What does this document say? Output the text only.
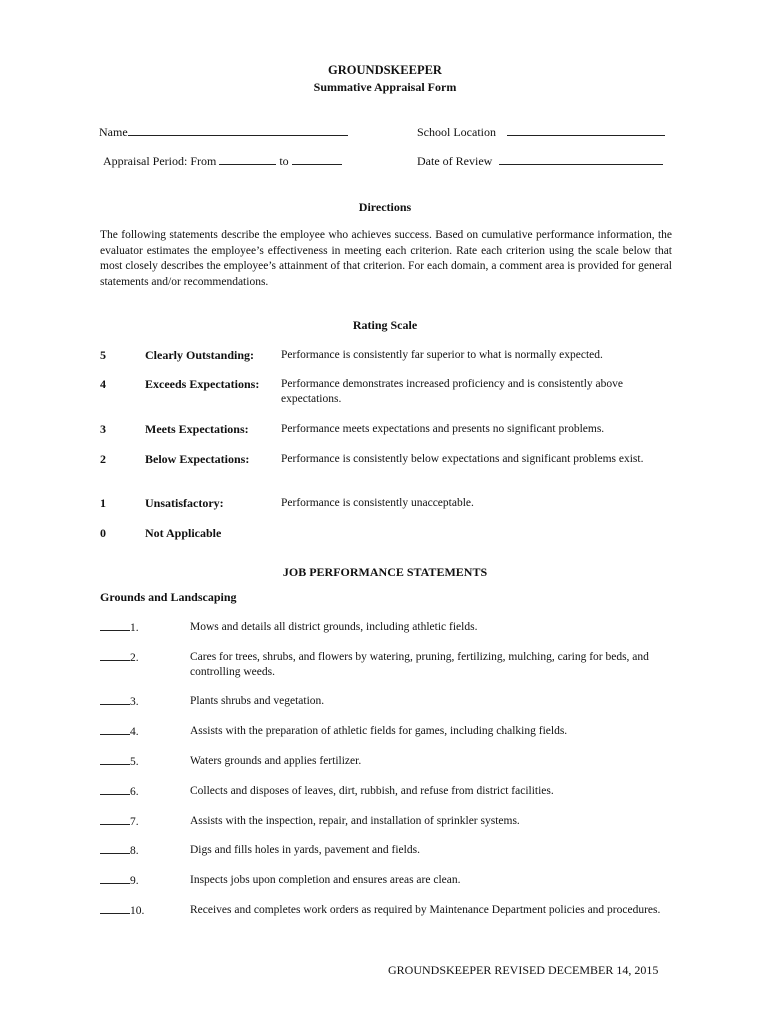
GROUNDSKEEPER
Summative Appraisal Form
Name	School Location
Appraisal Period: From	to	Date of Review
Directions
The following statements describe the employee who achieves success. Based on cumulative performance information, the evaluator estimates the employee’s effectiveness in meeting each criterion. Rate each criterion using the scale below that most closely describes the employee’s attainment of that criterion. For each domain, a comment area is provided for general statements and/or recommendations.
Rating Scale
5	Clearly Outstanding: Performance is consistently far superior to what is normally expected.
4	Exceeds Expectations: Performance demonstrates increased proficiency and is consistently above expectations.
3	Meets Expectations:	Performance meets expectations and presents no significant problems.
2	Below Expectations:	Performance is consistently below expectations and significant problems exist.
1	Unsatisfactory:	Performance is consistently unacceptable.
0	Not Applicable
JOB PERFORMANCE STATEMENTS
Grounds and Landscaping
1.	Mows and details all district grounds, including athletic fields.
2.	Cares for trees, shrubs, and flowers by watering, pruning, fertilizing, mulching, caring for beds, and controlling weeds.
3.	Plants shrubs and vegetation.
4.	Assists with the preparation of athletic fields for games, including chalking fields.
5.	Waters grounds and applies fertilizer.
6.	Collects and disposes of leaves, dirt, rubbish, and refuse from district facilities.
7.	Assists with the inspection, repair, and installation of sprinkler systems.
8.	Digs and fills holes in yards, pavement and fields.
9.	Inspects jobs upon completion and ensures areas are clean.
10.	Receives and completes work orders as required by Maintenance Department policies and procedures.
GROUNDSKEEPER REVISED DECEMBER 14, 2015
